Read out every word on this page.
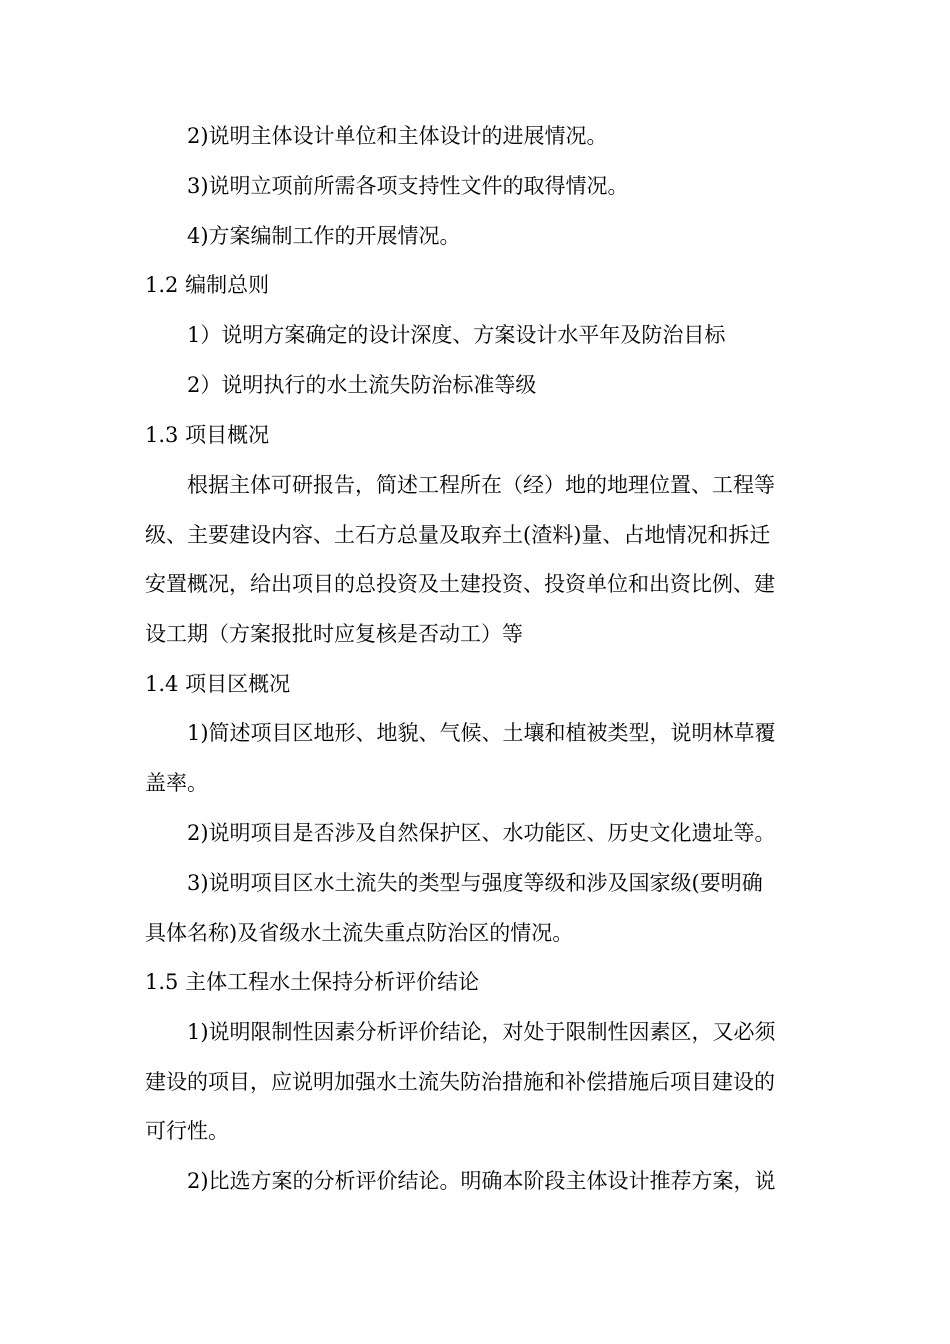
2)说明主体设计单位和主体设计的进展情况。
3)说明立项前所需各项支持性文件的取得情况。
4)方案编制工作的开展情况。
1.2 编制总则
1）说明方案确定的设计深度、方案设计水平年及防治目标
2）说明执行的水土流失防治标准等级
1.3 项目概况
根据主体可研报告，简述工程所在（经）地的地理位置、工程等
级、主要建设内容、土石方总量及取弃土(渣料)量、占地情况和拆迁
安置概况，给出项目的总投资及土建投资、投资单位和出资比例、建
设工期（方案报批时应复核是否动工）等
1.4 项目区概况
1)简述项目区地形、地貌、气候、土壤和植被类型，说明林草覆
盖率。
2)说明项目是否涉及自然保护区、水功能区、历史文化遗址等。
3)说明项目区水土流失的类型与强度等级和涉及国家级(要明确
具体名称)及省级水土流失重点防治区的情况。
1.5 主体工程水土保持分析评价结论
1)说明限制性因素分析评价结论，对处于限制性因素区，又必须
建设的项目，应说明加强水土流失防治措施和补偿措施后项目建设的
可行性。
2)比选方案的分析评价结论。明确本阶段主体设计推荐方案，说
